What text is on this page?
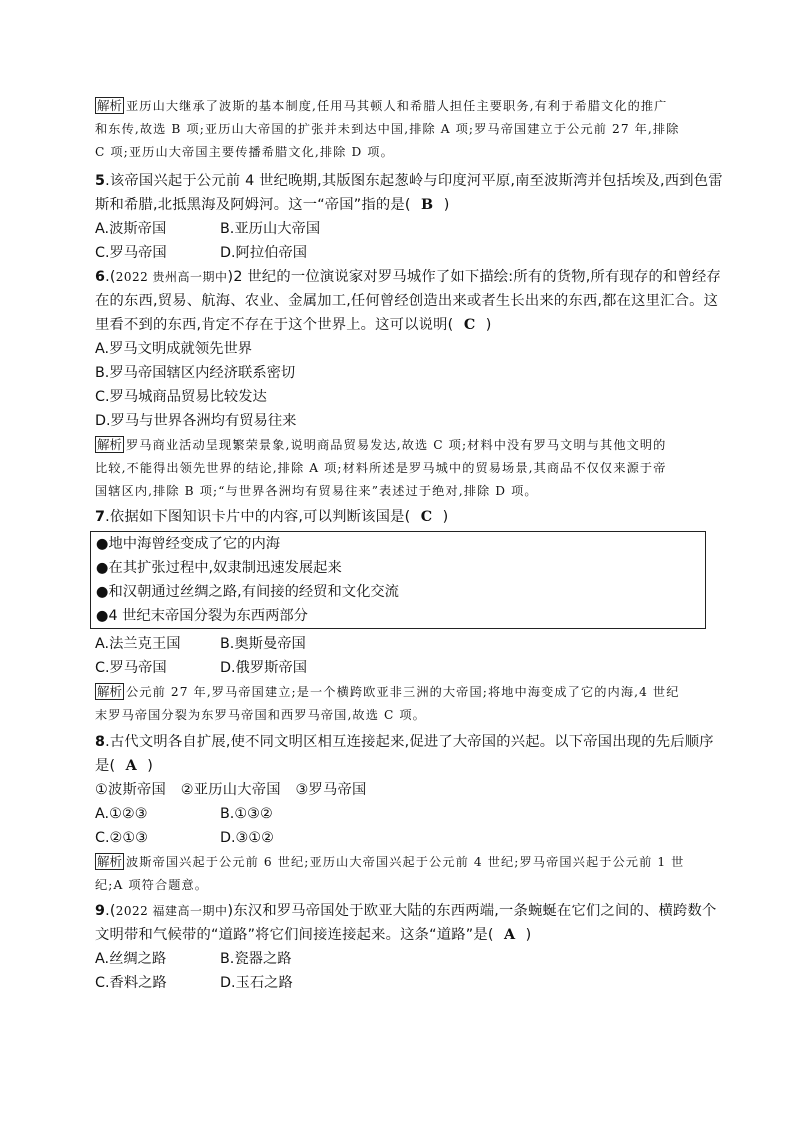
解析 亚历山大继承了波斯的基本制度,任用马其顿人和希腊人担任主要职务,有利于希腊文化的推广
和东传,故选 B 项;亚历山大帝国的扩张并未到达中国,排除 A 项;罗马帝国建立于公元前 27 年,排除
C 项;亚历山大帝国主要传播希腊文化,排除 D 项。
5.该帝国兴起于公元前 4 世纪晚期,其版图东起葱岭与印度河平原,南至波斯湾并包括埃及,西到色雷
斯和希腊,北抵黑海及阿姆河。这一“帝国”指的是( B )
A.波斯帝国	B.亚历山大帝国
C.罗马帝国	D.阿拉伯帝国
6.(2022 贵州高一期中)2 世纪的一位演说家对罗马城作了如下描绘:所有的货物,所有现存的和曾经存
在的东西,贸易、航海、农业、金属加工,任何曾经创造出来或者生长出来的东西,都在这里汇合。这
里看不到的东西,肯定不存在于这个世界上。这可以说明( C )
A.罗马文明成就领先世界
B.罗马帝国辖区内经济联系密切
C.罗马城商品贸易比较发达
D.罗马与世界各洲均有贸易往来
解析 罗马商业活动呈现繁荣景象,说明商品贸易发达,故选 C 项;材料中没有罗马文明与其他文明的
比较,不能得出领先世界的结论,排除 A 项;材料所述是罗马城中的贸易场景,其商品不仅仅来源于帝
国辖区内,排除 B 项;“与世界各洲均有贸易往来”表述过于绝对,排除 D 项。
7.依据如下图知识卡片中的内容,可以判断该国是( C )
●地中海曾经变成了它的内海
●在其扩张过程中,奴隶制迅速发展起来
●和汉朝通过丝绸之路,有间接的经贸和文化交流
●4 世纪末帝国分裂为东西两部分
A.法兰克王国	B.奥斯曼帝国
C.罗马帝国	D.俄罗斯帝国
解析 公元前 27 年,罗马帝国建立;是一个横跨欧亚非三洲的大帝国;将地中海变成了它的内海,4 世纪
末罗马帝国分裂为东罗马帝国和西罗马帝国,故选 C 项。
8.古代文明各自扩展,使不同文明区相互连接起来,促进了大帝国的兴起。以下帝国出现的先后顺序
是( A )
①波斯帝国 ②亚历山大帝国 ③罗马帝国
A.①②③	B.①③②
C.②①③	D.③①②
解析 波斯帝国兴起于公元前 6 世纪;亚历山大帝国兴起于公元前 4 世纪;罗马帝国兴起于公元前 1 世
纪;A 项符合题意。
9.(2022 福建高一期中)东汉和罗马帝国处于欧亚大陆的东西两端,一条蜿蜒在它们之间的、横跨数个
文明带和气候带的“道路”将它们间接连接起来。这条“道路”是( A )
A.丝绸之路	B.瓷器之路
C.香料之路	D.玉石之路
